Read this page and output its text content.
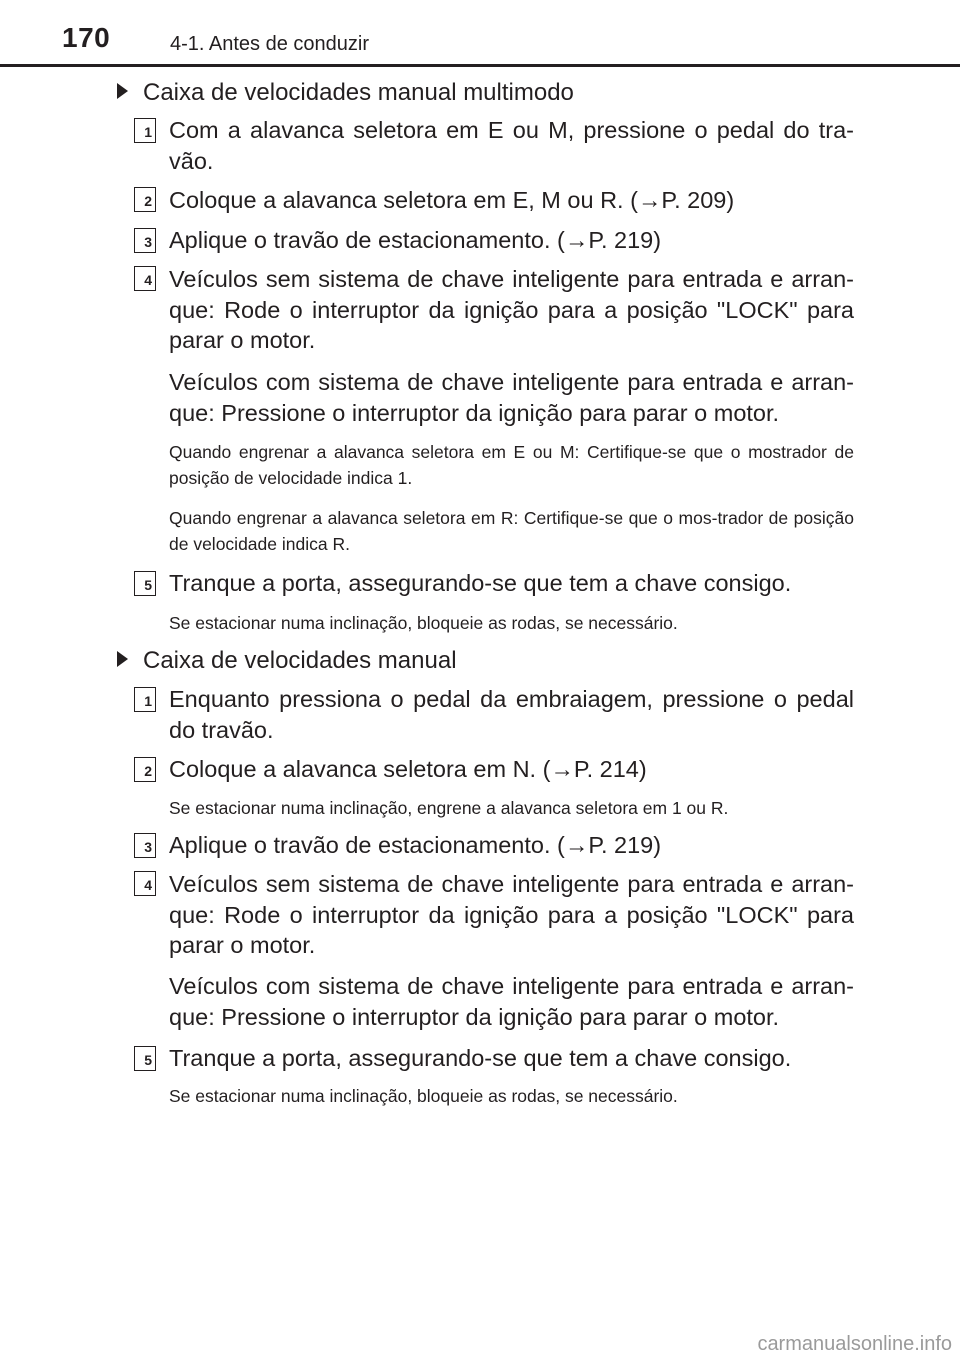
170	4-1. Antes de conduzir
Caixa de velocidades manual multimodo
1 Com a alavanca seletora em E ou M, pressione o pedal do tra-vão.
2 Coloque a alavanca seletora em E, M ou R. (→P. 209)
3 Aplique o travão de estacionamento. (→P. 219)
4 Veículos sem sistema de chave inteligente para entrada e arran-que: Rode o interruptor da ignição para a posição "LOCK" para parar o motor.
Veículos com sistema de chave inteligente para entrada e arran-que: Pressione o interruptor da ignição para parar o motor.
Quando engrenar a alavanca seletora em E ou M: Certifique-se que o mostrador de posição de velocidade indica 1.
Quando engrenar a alavanca seletora em R: Certifique-se que o mos-trador de posição de velocidade indica R.
5 Tranque a porta, assegurando-se que tem a chave consigo.
Se estacionar numa inclinação, bloqueie as rodas, se necessário.
Caixa de velocidades manual
1 Enquanto pressiona o pedal da embraiagem, pressione o pedal do travão.
2 Coloque a alavanca seletora em N. (→P. 214)
Se estacionar numa inclinação, engrene a alavanca seletora em 1 ou R.
3 Aplique o travão de estacionamento. (→P. 219)
4 Veículos sem sistema de chave inteligente para entrada e arran-que: Rode o interruptor da ignição para a posição "LOCK" para parar o motor.
Veículos com sistema de chave inteligente para entrada e arran-que: Pressione o interruptor da ignição para parar o motor.
5 Tranque a porta, assegurando-se que tem a chave consigo.
Se estacionar numa inclinação, bloqueie as rodas, se necessário.
carmanualsonline.info
